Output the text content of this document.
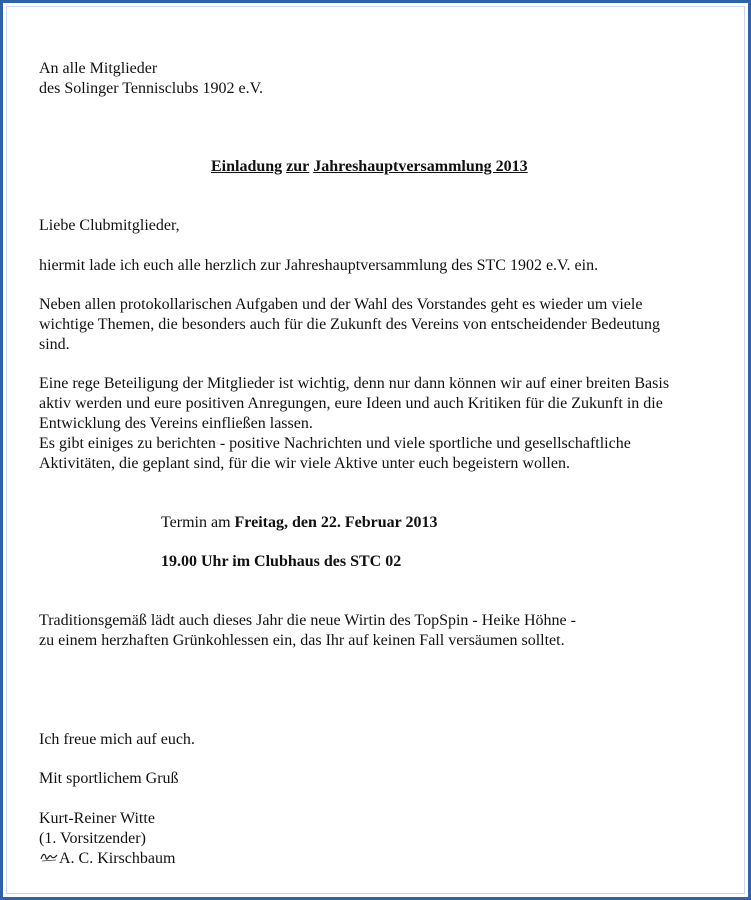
An alle Mitglieder
des Solinger Tennisclubs 1902 e.V.
Einladung zur Jahreshauptversammlung 2013
Liebe Clubmitglieder,
hiermit lade ich euch alle herzlich zur Jahreshauptversammlung des STC 1902 e.V. ein.
Neben allen protokollarischen Aufgaben und der Wahl des Vorstandes geht es wieder um viele
wichtige Themen, die besonders auch für die Zukunft des Vereins von entscheidender Bedeutung
sind.
Eine rege Beteiligung der Mitglieder ist wichtig, denn nur dann können wir auf einer breiten Basis
aktiv werden und eure positiven Anregungen, eure Ideen und auch Kritiken für die Zukunft in die
Entwicklung des Vereins einfließen lassen.
Es gibt einiges zu berichten - positive Nachrichten und viele sportliche und gesellschaftliche
Aktivitäten, die geplant sind, für die wir viele Aktive unter euch begeistern wollen.
Termin am Freitag, den 22. Februar 2013
19.00 Uhr im Clubhaus des STC 02
Traditionsgemäß lädt auch dieses Jahr die neue Wirtin des TopSpin - Heike Höhne -
zu einem herzhaften Grünkohlessen ein, das Ihr auf keinen Fall versäumen solltet.
Ich freue mich auf euch.
Mit sportlichem Gruß
Kurt-Reiner Witte
(1. Vorsitzender)
A. C. Kirschbaum
